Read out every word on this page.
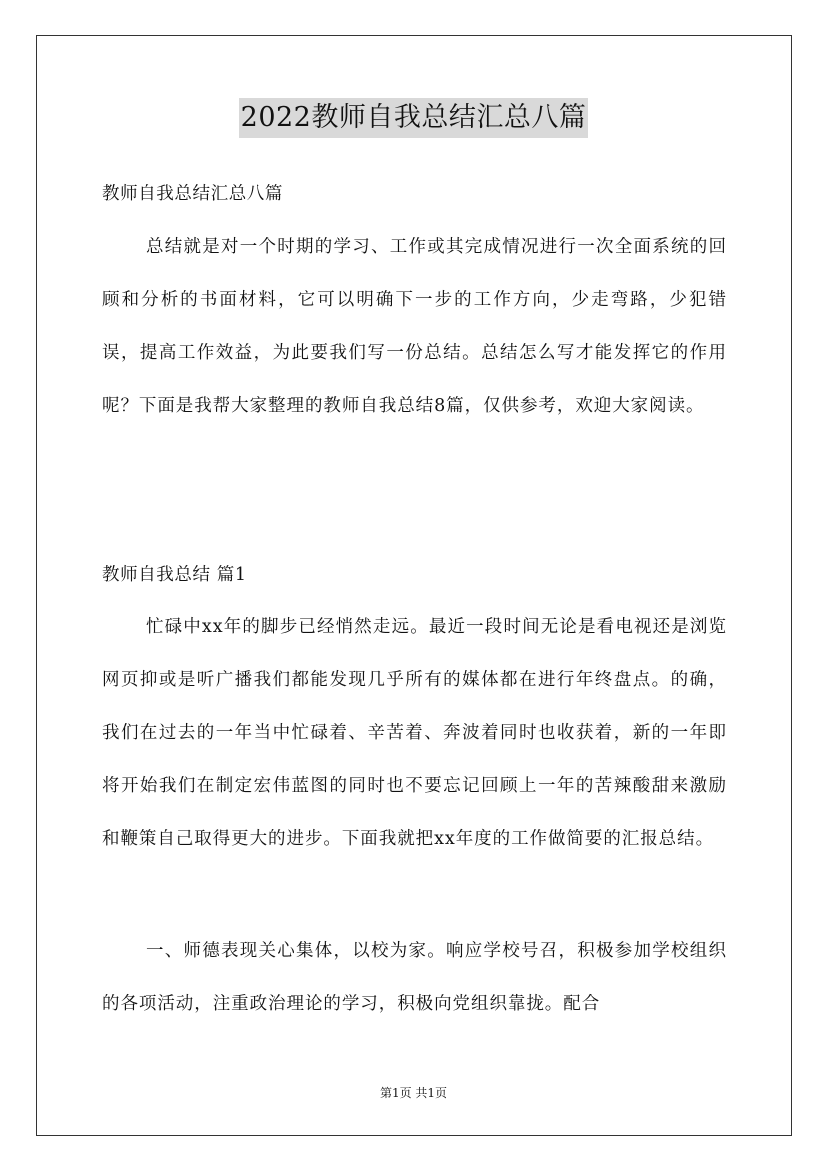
2022教师自我总结汇总八篇

教师自我总结汇总八篇

总结就是对一个时期的学习、工作或其完成情况进行一次全面系统的回顾和分析的书面材料，它可以明确下一步的工作方向，少走弯路，少犯错误，提高工作效益，为此要我们写一份总结。总结怎么写才能发挥它的作用呢？下面是我帮大家整理的教师自我总结8篇，仅供参考，欢迎大家阅读。

教师自我总结 篇1

忙碌中xx年的脚步已经悄然走远。最近一段时间无论是看电视还是浏览网页抑或是听广播我们都能发现几乎所有的媒体都在进行年终盘点。的确，我们在过去的一年当中忙碌着、辛苦着、奔波着同时也收获着，新的一年即将开始我们在制定宏伟蓝图的同时也不要忘记回顾上一年的苦辣酸甜来激励和鞭策自己取得更大的进步。下面我就把xx年度的工作做简要的汇报总结。

一、师德表现关心集体，以校为家。响应学校号召，积极参加学校组织的各项活动，注重政治理论的学习，积极向党组织靠拢。配合

第1页 共1页
